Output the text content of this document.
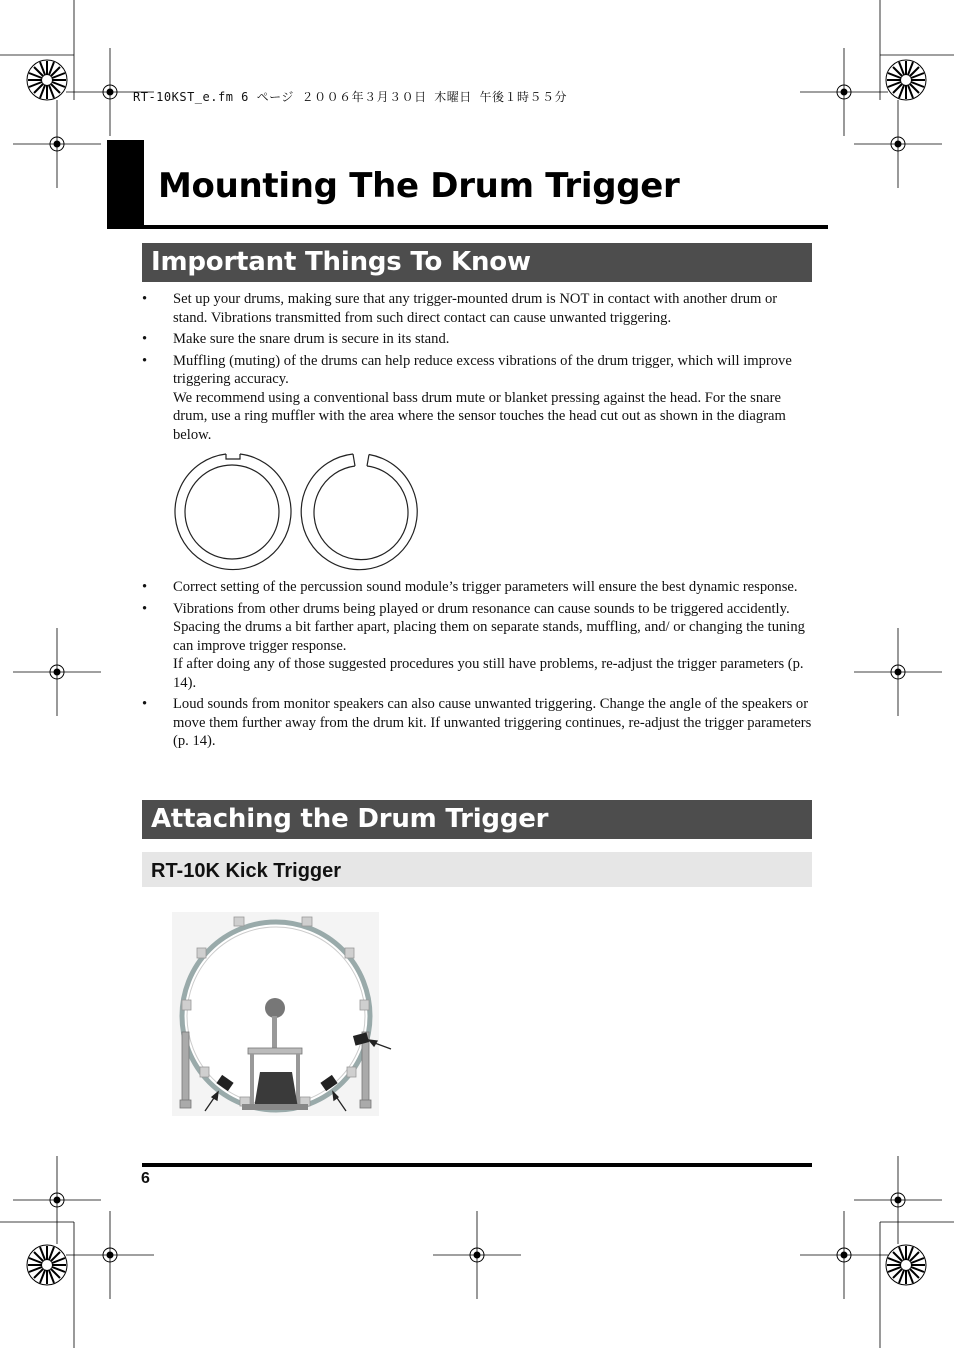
RT-10KST_e.fm 6 ページ ２００６年３月３０日 木曜日 午後１時５５分
Mounting The Drum Trigger
Important Things To Know
• Set up your drums, making sure that any trigger-mounted drum is NOT in contact with another drum or stand. Vibrations transmitted from such direct contact can cause unwanted triggering.

• Make sure the snare drum is secure in its stand.

• Muffling (muting) of the drums can help reduce excess vibrations of the drum trigger, which will improve triggering accuracy.

We recommend using a conventional bass drum mute or blanket pressing against the head. For the snare drum, use a ring muffler with the area where the sensor touches the head cut out as shown in the diagram below.

• Correct setting of the percussion sound module’s trigger parameters will ensure the best dynamic response.

• Vibrations from other drums being played or drum resonance can cause sounds to be triggered accidently. Spacing the drums a bit farther apart, placing them on separate stands, muffling, and/ or changing the tuning can improve trigger response.

If after doing any of those suggested procedures you still have problems, re-adjust the trigger parameters (p. 14).

• Loud sounds from monitor speakers can also cause unwanted triggering. Change the angle of the speakers or move them further away from the drum kit. If unwanted triggering continues, re-adjust the trigger parameters (p. 14).

Attaching the Drum Trigger
RT-10K Kick Trigger
6
